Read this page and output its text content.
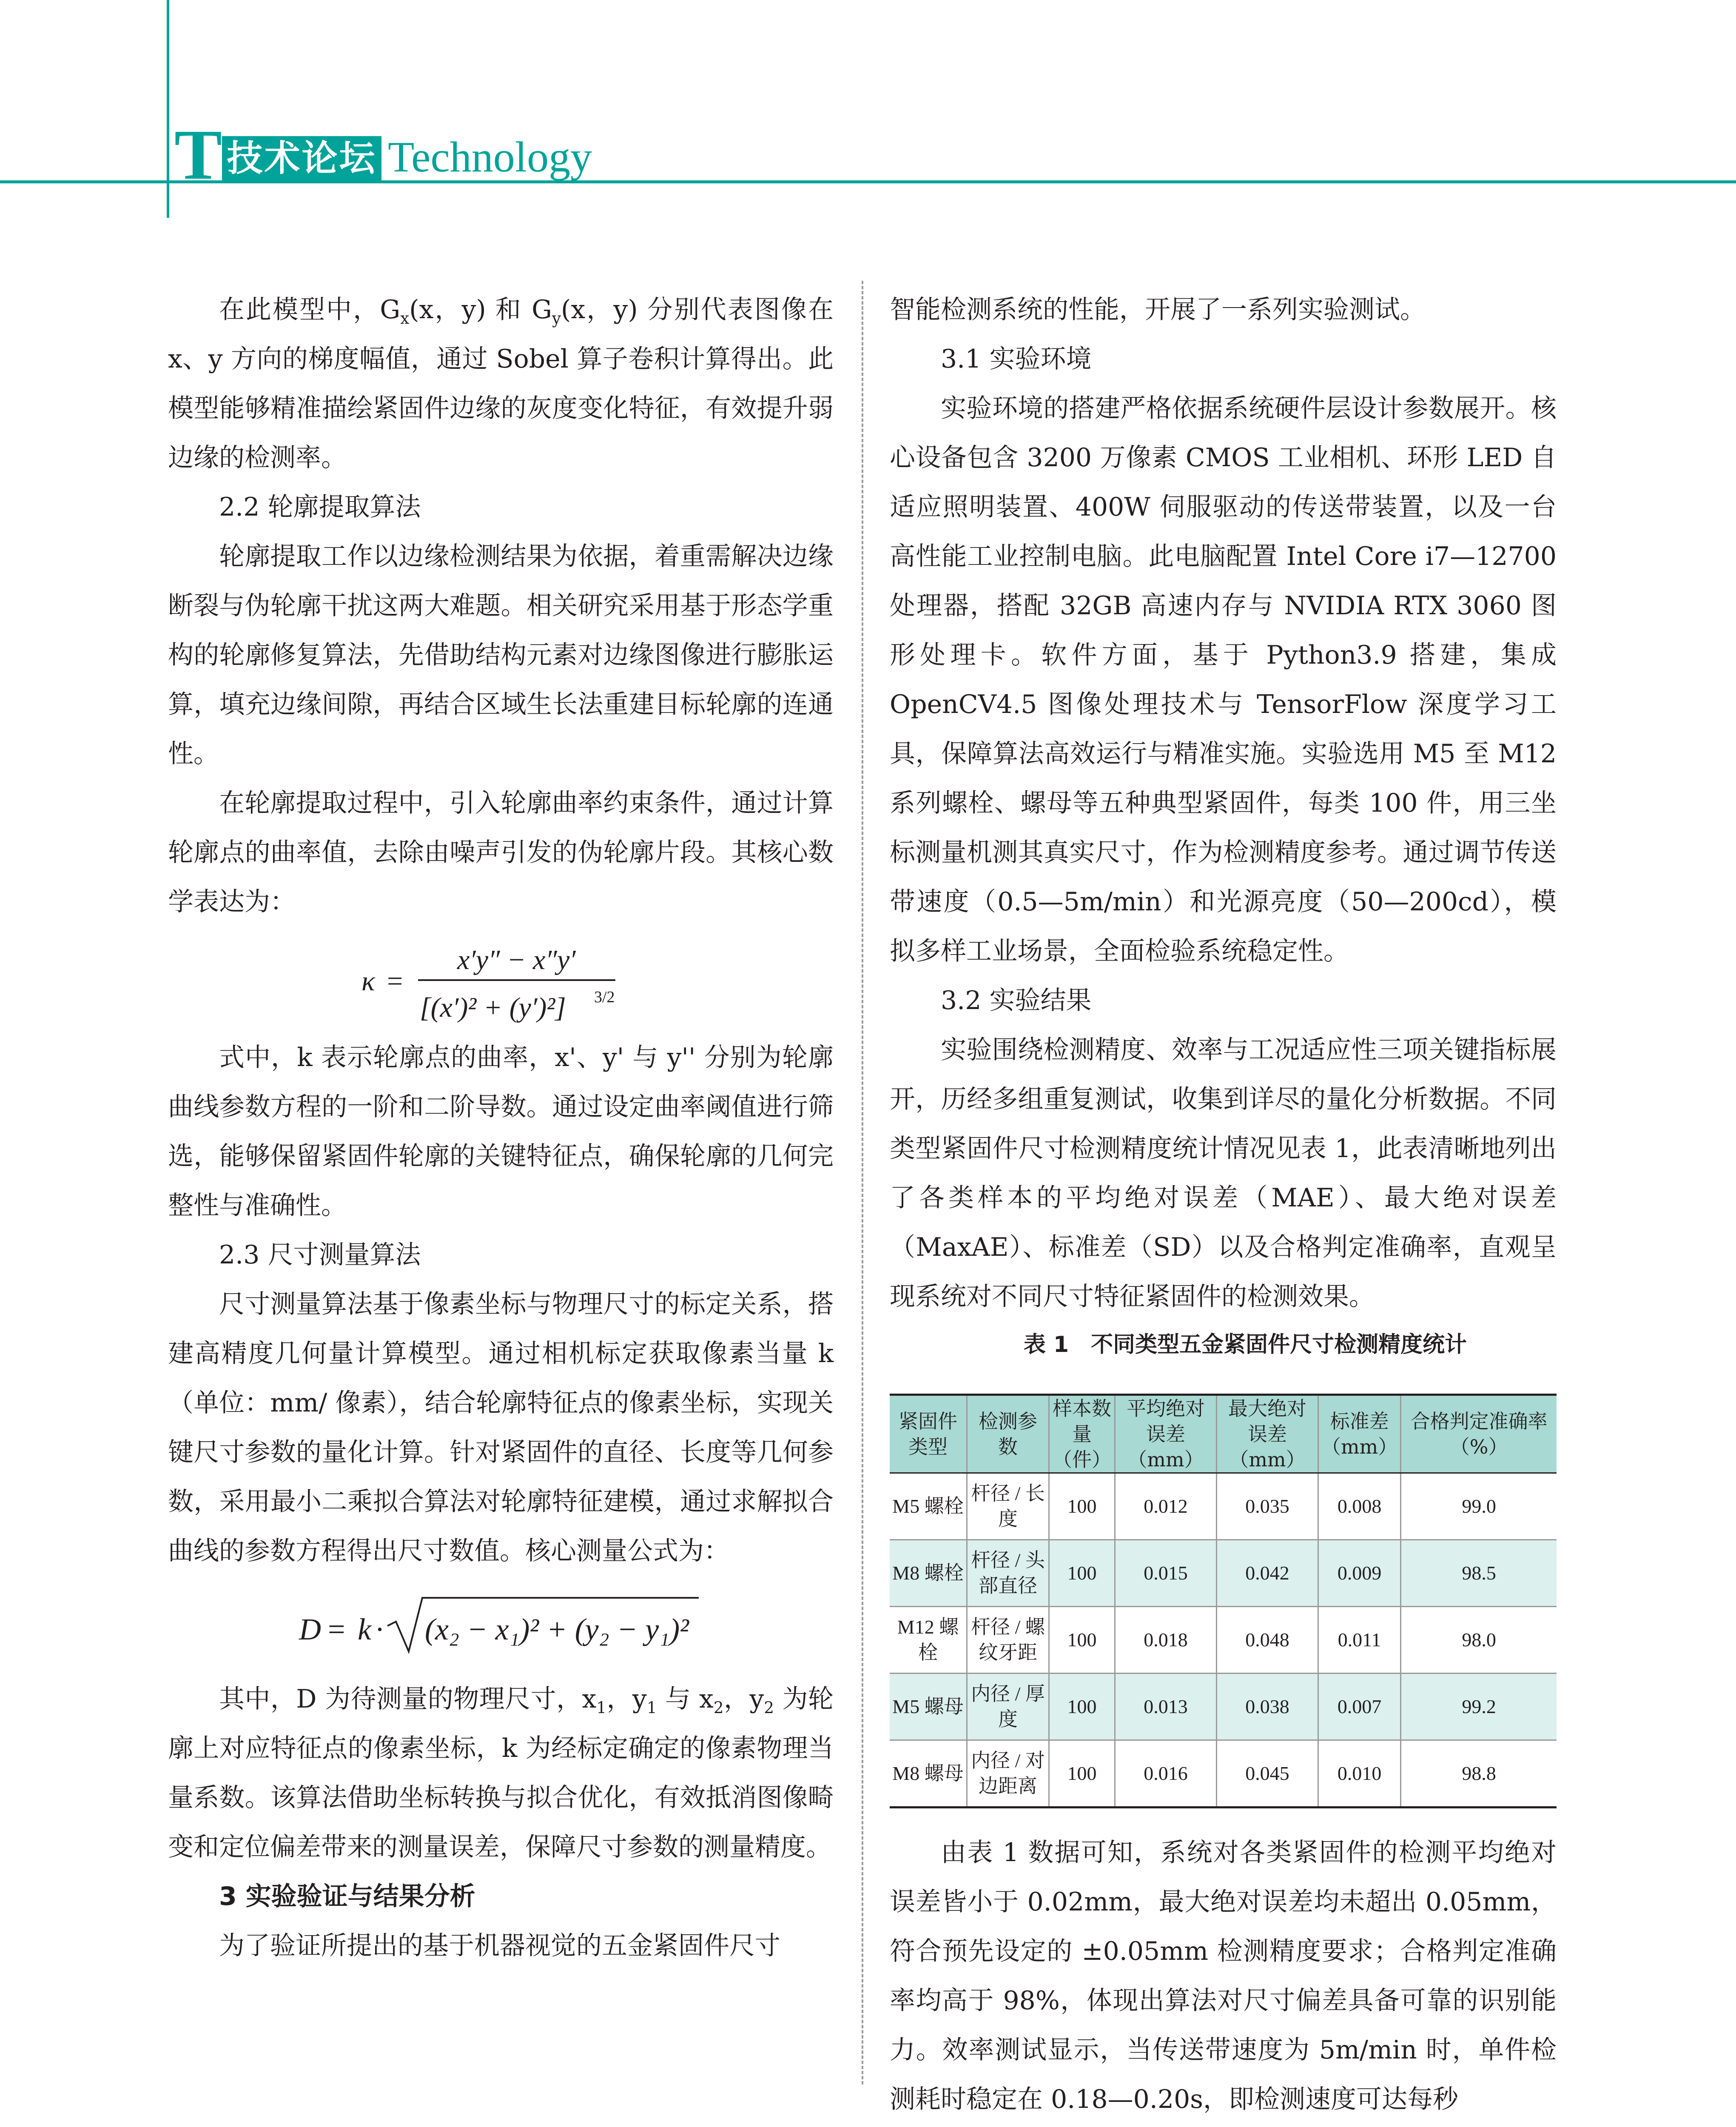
T 技术论坛 Technology

在此模型中，$G_x(x$，y) 和 $G_y(x$，y) 分别代表图像在 x、y 方向的梯度幅值，通过 Sobel 算子卷积计算得出。此模型能够精准描绘紧固件边缘的灰度变化特征，有效提升弱边缘的检测率。

2.2 轮廓提取算法

轮廓提取工作以边缘检测结果为依据，着重需解决边缘断裂与伪轮廓干扰这两大难题。相关研究采用基于形态学重构的轮廓修复算法，先借助结构元素对边缘图像进行膨胀运算，填充边缘间隙，再结合区域生长法重建目标轮廓的连通性。

在轮廓提取过程中，引入轮廓曲率约束条件，通过计算轮廓点的曲率值，去除由噪声引发的伪轮廓片段。其核心数学表达为：

κ =
x′y″ − x″y′
[(x′)² + (y′)²] 3/2

式中，k 表示轮廓点的曲率，x'、y' 与 y'' 分别为轮廓曲线参数方程的一阶和二阶导数。通过设定曲率阈值进行筛选，能够保留紧固件轮廓的关键特征点，确保轮廓的几何完整性与准确性。

2.3 尺寸测量算法

尺寸测量算法基于像素坐标与物理尺寸的标定关系，搭建高精度几何量计算模型。通过相机标定获取像素当量 k（单位：mm/ 像素），结合轮廓特征点的像素坐标，实现关键尺寸参数的量化计算。针对紧固件的直径、长度等几何参数，采用最小二乘拟合算法对轮廓特征建模，通过求解拟合曲线的参数方程得出尺寸数值。核心测量公式为：

D = k · (x₂ − x₁)² + (y₂ − y₁)²

其中，D 为待测量的物理尺寸，$x_1$，$y_1$ 与 $x_2$，$y_2$ 为轮廓上对应特征点的像素坐标，k 为经标定确定的像素物理当量系数。该算法借助坐标转换与拟合优化，有效抵消图像畸变和定位偏差带来的测量误差，保障尺寸参数的测量精度。

3 实验验证与结果分析

为了验证所提出的基于机器视觉的五金紧固件尺寸

智能检测系统的性能，开展了一系列实验测试。

3.1 实验环境

实验环境的搭建严格依据系统硬件层设计参数展开。核心设备包含 3200 万像素 CMOS 工业相机、环形 LED 自适应照明装置、400W 伺服驱动的传送带装置，以及一台高性能工业控制电脑。此电脑配置 Intel Core i7—12700 处理器，搭配 32GB 高速内存与 NVIDIA RTX 3060 图形处理卡。软件方面，基于 Python3.9 搭建，集成 OpenCV4.5 图像处理技术与 TensorFlow 深度学习工具，保障算法高效运行与精准实施。实验选用 M5 至 M12 系列螺栓、螺母等五种典型紧固件，每类 100 件，用三坐标测量机测其真实尺寸，作为检测精度参考。通过调节传送带速度（0.5—5m/min）和光源亮度（50—200cd），模拟多样工业场景，全面检验系统稳定性。

3.2 实验结果

实验围绕检测精度、效率与工况适应性三项关键指标展开，历经多组重复测试，收集到详尽的量化分析数据。不同类型紧固件尺寸检测精度统计情况见表 1，此表清晰地列出了各类样本的平均绝对误差（MAE）、最大绝对误差（MaxAE）、标准差（SD）以及合格判定准确率，直观呈现系统对不同尺寸特征紧固件的检测效果。

表 1　不同类型五金紧固件尺寸检测精度统计

紧固件类型	检测参数	样本数量（件）	平均绝对误差（mm）	最大绝对误差（mm）	标准差（mm）	合格判定准确率（%）
M5 螺栓	杆径 / 长度	100	0.012	0.035	0.008	99.0
M8 螺栓	杆径 / 头部直径	100	0.015	0.042	0.009	98.5
M12 螺栓	杆径 / 螺纹牙距	100	0.018	0.048	0.011	98.0
M5 螺母	内径 / 厚度	100	0.013	0.038	0.007	99.2
M8 螺母	内径 / 对边距离	100	0.016	0.045	0.010	98.8

由表 1 数据可知，系统对各类紧固件的检测平均绝对误差皆小于 0.02mm，最大绝对误差均未超出 0.05mm，符合预先设定的 ±0.05mm 检测精度要求；合格判定准确率均高于 98%，体现出算法对尺寸偏差具备可靠的识别能力。效率测试显示，当传送带速度为 5m/min 时，单件检测耗时稳定在 0.18—0.20s，即检测速度可达每秒
